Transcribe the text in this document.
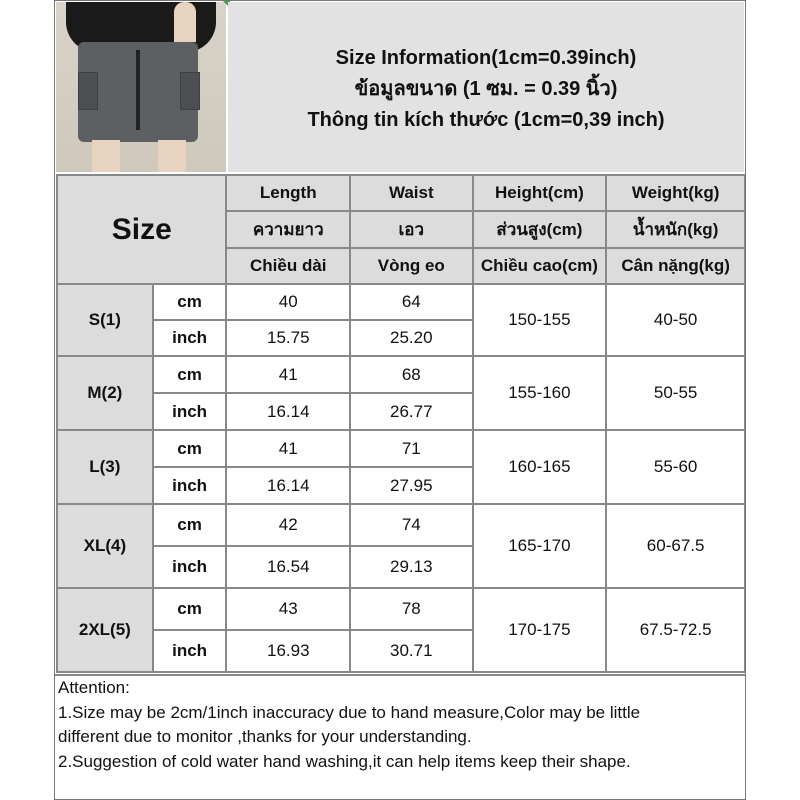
Size Information(1cm=0.39inch)
ข้อมูลขนาด (1 ซม. = 0.39 นิ้ว)
Thông tin kích thước (1cm=0,39 inch)
Size		Length	Waist	Height(cm)	Weight(kg)
		ความยาว	เอว	ส่วนสูง(cm)	น้ำหนัก(kg)
		Chiều dài	Vòng eo	Chiều cao(cm)	Cân nặng(kg)
S(1)	cm	40	64	150-155	40-50
	inch	15.75	25.20		
M(2)	cm	41	68	155-160	50-55
	inch	16.14	26.77		
L(3)	cm	41	71	160-165	55-60
	inch	16.14	27.95		
XL(4)	cm	42	74	165-170	60-67.5
	inch	16.54	29.13		
2XL(5)	cm	43	78	170-175	67.5-72.5
	inch	16.93	30.71		
Attention:
1.Size may be 2cm/1inch inaccuracy due to hand measure,Color may be little
different due to monitor ,thanks for your understanding.
2.Suggestion of cold water hand washing,it can help items keep their shape.
